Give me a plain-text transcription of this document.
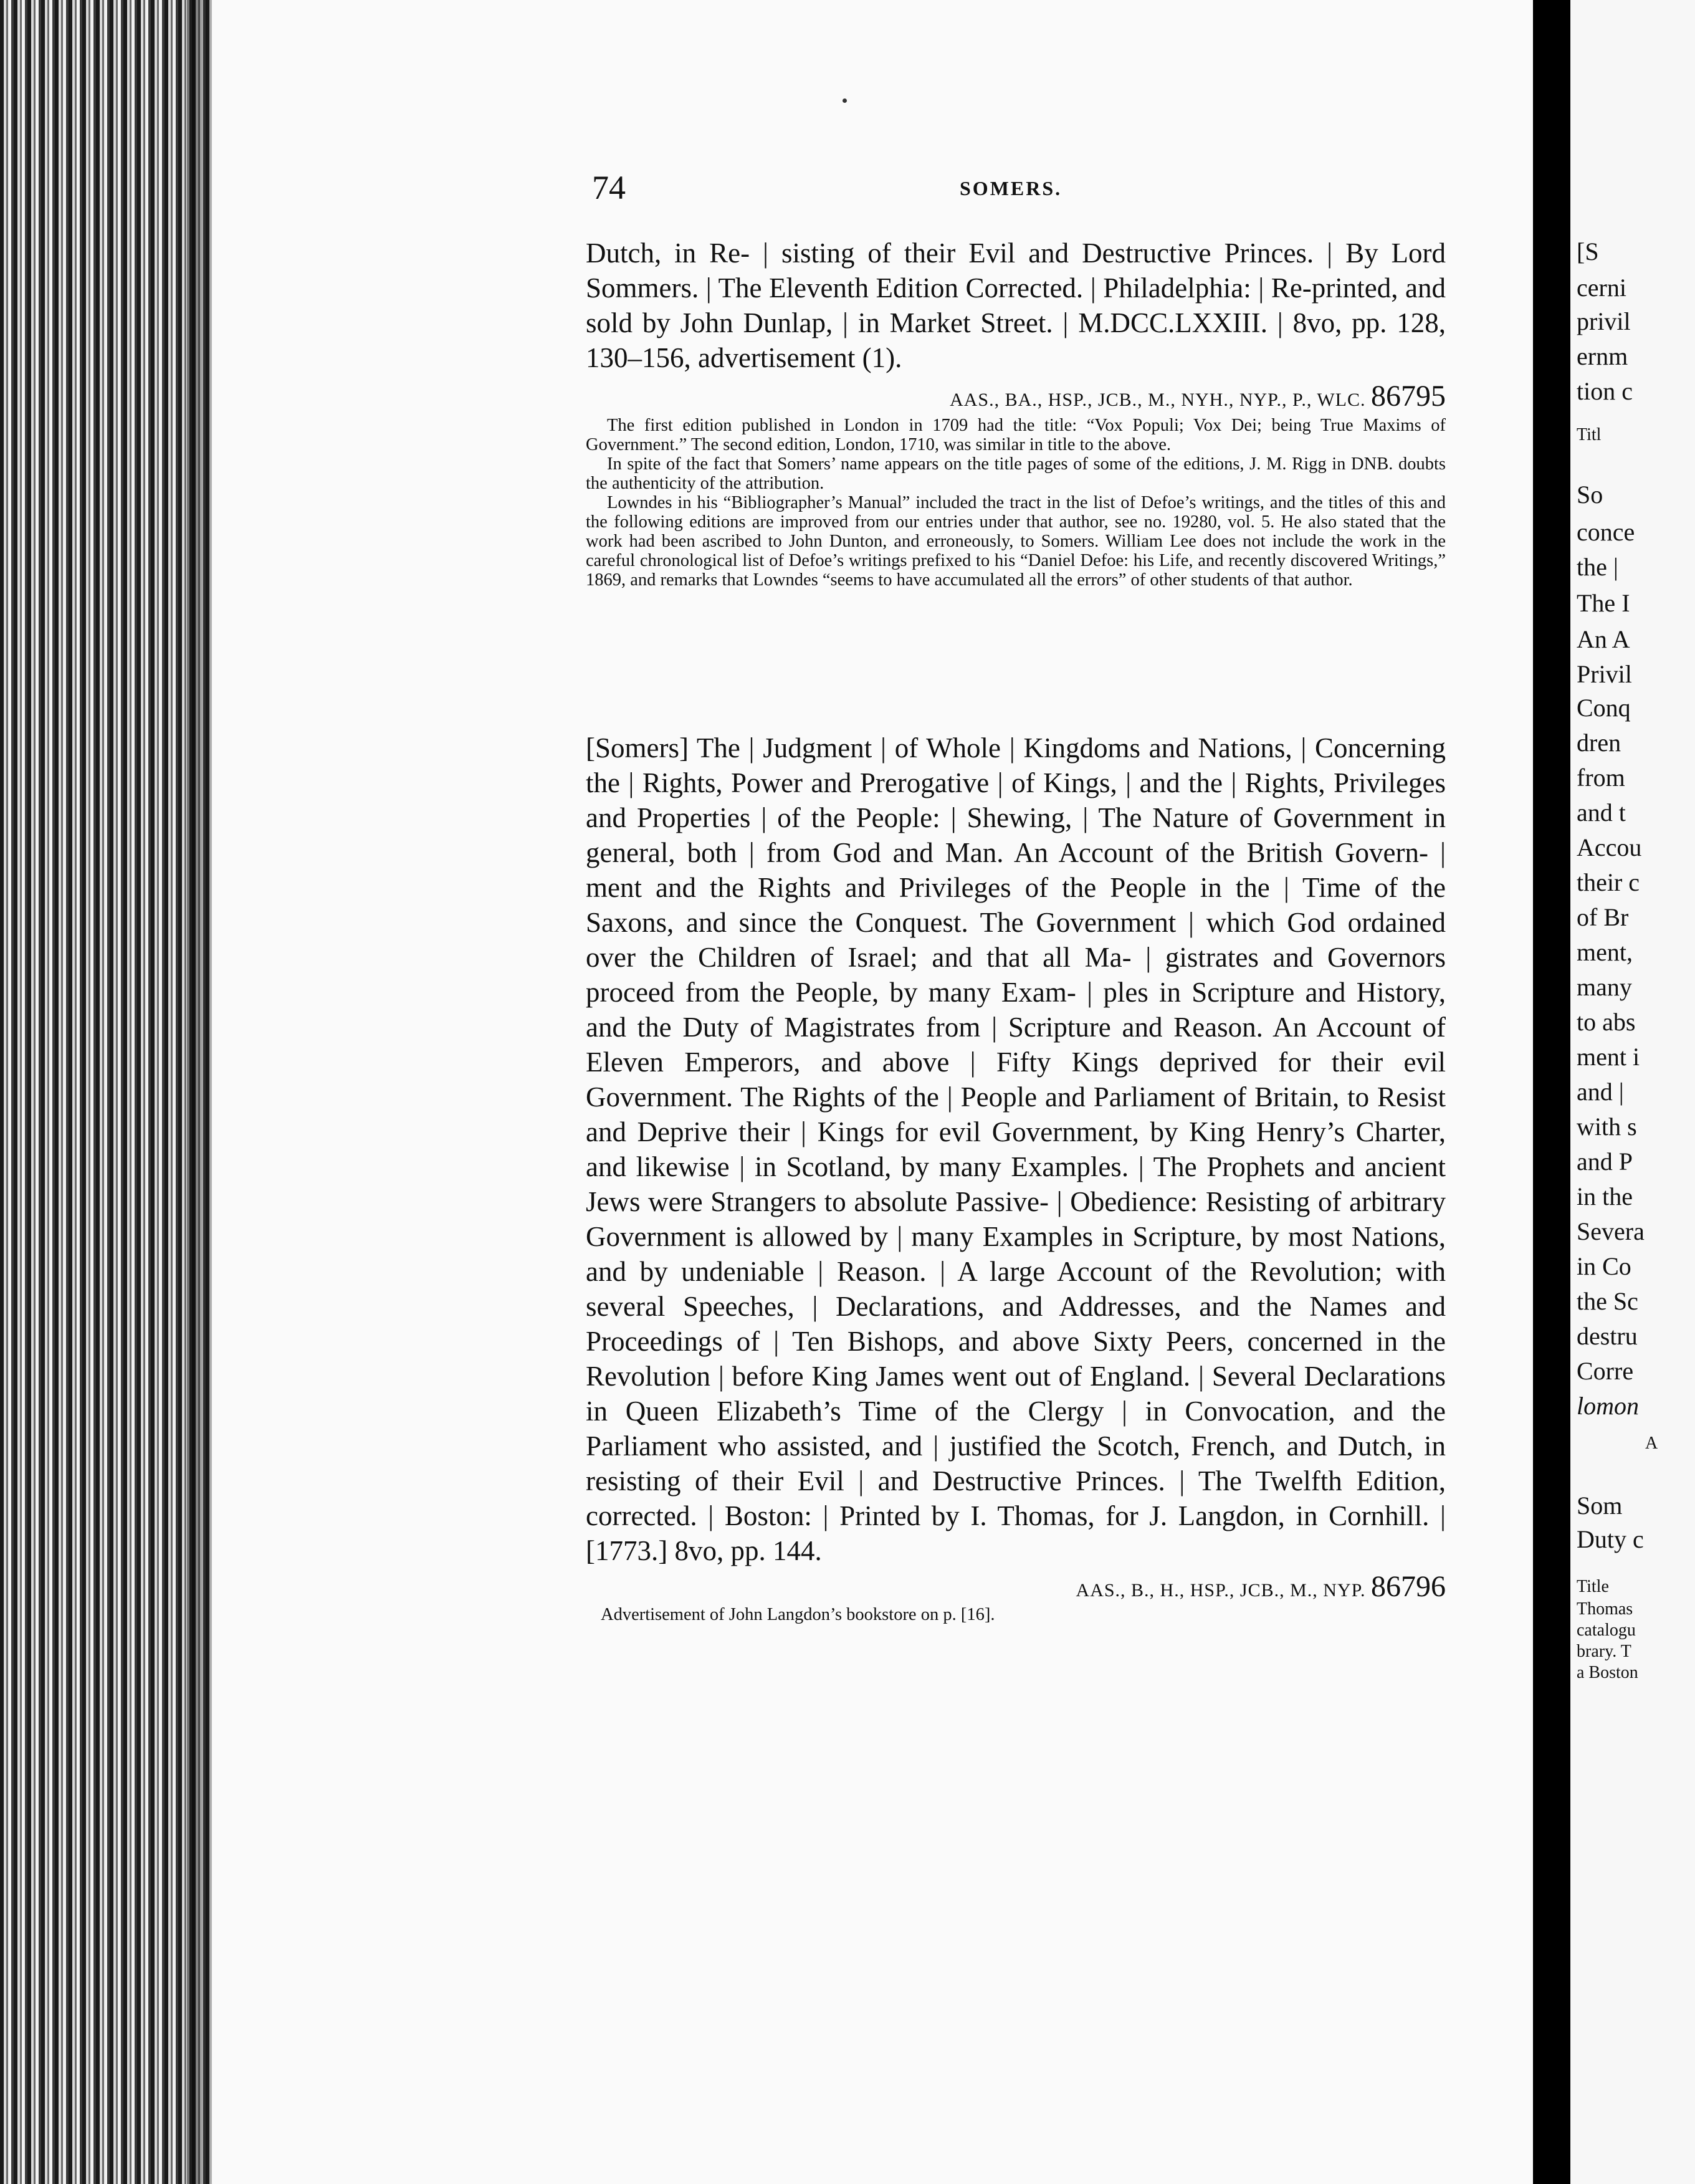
74	SOMERS.

Dutch, in Re- | sisting of their Evil and Destructive Princes. | By Lord Sommers. | The Eleventh Edition Corrected. | Philadelphia: | Re-printed, and sold by John Dunlap, | in Market Street. | M.DCC.LXXIII. | 8vo, pp. 128, 130–156, advertisement (1).

AAS., BA., HSP., JCB., M., NYH., NYP., P., WLC. 86795

The first edition published in London in 1709 had the title: “Vox Populi; Vox Dei; being True Maxims of Government.” The second edition, London, 1710, was similar in title to the above.

In spite of the fact that Somers’ name appears on the title pages of some of the editions, J. M. Rigg in DNB. doubts the authenticity of the attribution.

Lowndes in his “Bibliographer’s Manual” included the tract in the list of Defoe’s writings, and the titles of this and the following editions are improved from our entries under that author, see no. 19280, vol. 5. He also stated that the work had been ascribed to John Dunton, and erroneously, to Somers. William Lee does not include the work in the careful chronological list of Defoe’s writings prefixed to his “Daniel Defoe: his Life, and recently discovered Writings,” 1869, and remarks that Lowndes “seems to have accumulated all the errors” of other students of that author.

[Somers] The | Judgment | of Whole | Kingdoms and Nations, | Concerning the | Rights, Power and Prerogative | of Kings, | and the | Rights, Privileges and Properties | of the People: | Shewing, | The Nature of Government in general, both | from God and Man. An Account of the British Govern- | ment and the Rights and Privileges of the People in the | Time of the Saxons, and since the Conquest. The Government | which God ordained over the Children of Israel; and that all Ma- | gistrates and Governors proceed from the People, by many Exam- | ples in Scripture and History, and the Duty of Magistrates from | Scripture and Reason. An Account of Eleven Emperors, and above | Fifty Kings deprived for their evil Government. The Rights of the | People and Parliament of Britain, to Resist and Deprive their | Kings for evil Government, by King Henry’s Charter, and likewise | in Scotland, by many Examples. | The Prophets and ancient Jews were Strangers to absolute Passive- | Obedience: Resisting of arbitrary Government is allowed by | many Examples in Scripture, by most Nations, and by undeniable | Reason. | A large Account of the Revolution; with several Speeches, | Declarations, and Addresses, and the Names and Proceedings of | Ten Bishops, and above Sixty Peers, concerned in the Revolution | before King James went out of England. | Several Declarations in Queen Elizabeth’s Time of the Clergy | in Convocation, and the Parliament who assisted, and | justified the Scotch, French, and Dutch, in resisting of their Evil | and Destructive Princes. | The Twelfth Edition, corrected. | Boston: | Printed by I. Thomas, for J. Langdon, in Cornhill. | [1773.] 8vo, pp. 144.

AAS., B., H., HSP., JCB., M., NYP. 86796

Advertisement of John Langdon’s bookstore on p. [16].

[S
cerni
privil
ernm
tion c
Titl
So
conce
the |
The I
An A
Privil
Conq
dren
from
and t
Accou
their c
of Br
ment,
many
to abs
ment i
and |
with s
and P
in the
Severa
in Co
the Sc
destru
Corre
lomon
A
Som
Duty c
Title
Thomas
catalogu
brary. T
a Boston
